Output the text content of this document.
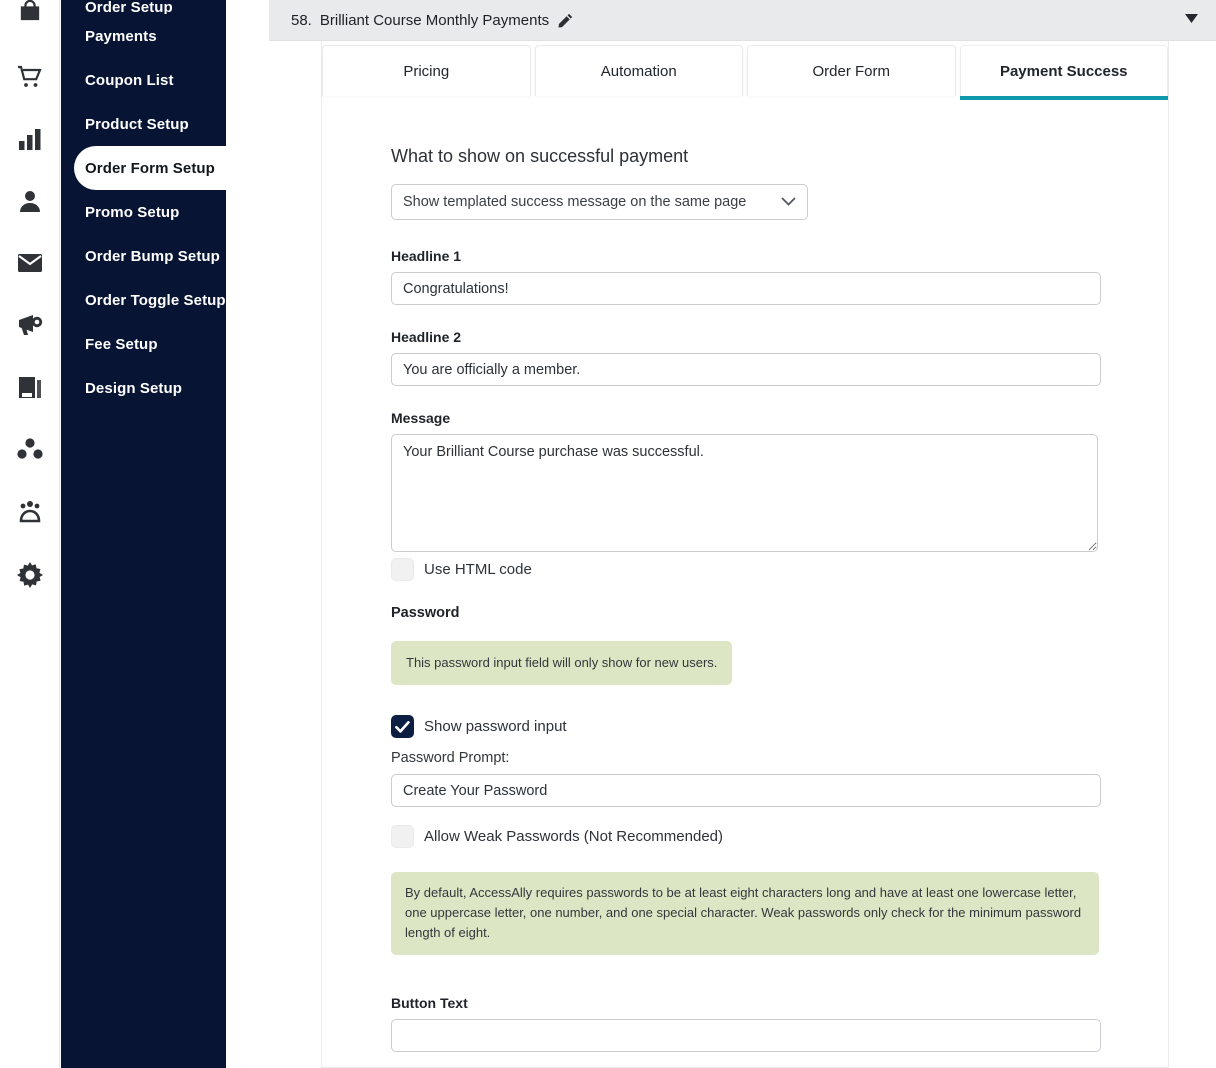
Order Setup
Payments
Coupon List
Product Setup
Order Form Setup
Promo Setup
Order Bump Setup
Order Toggle Setup
Fee Setup
Design Setup
58. Brilliant Course Monthly Payments
Pricing	Automation	Order Form	Payment Success
What to show on successful payment
Show templated success message on the same page
Headline 1
Congratulations!
Headline 2
You are officially a member.
Message
Your Brilliant Course purchase was successful.
Use HTML code
Password
This password input field will only show for new users.
Show password input
Password Prompt:
Create Your Password
Allow Weak Passwords (Not Recommended)
By default, AccessAlly requires passwords to be at least eight characters long and have at least one lowercase letter, one uppercase letter, one number, and one special character. Weak passwords only check for the minimum password length of eight.
Button Text
